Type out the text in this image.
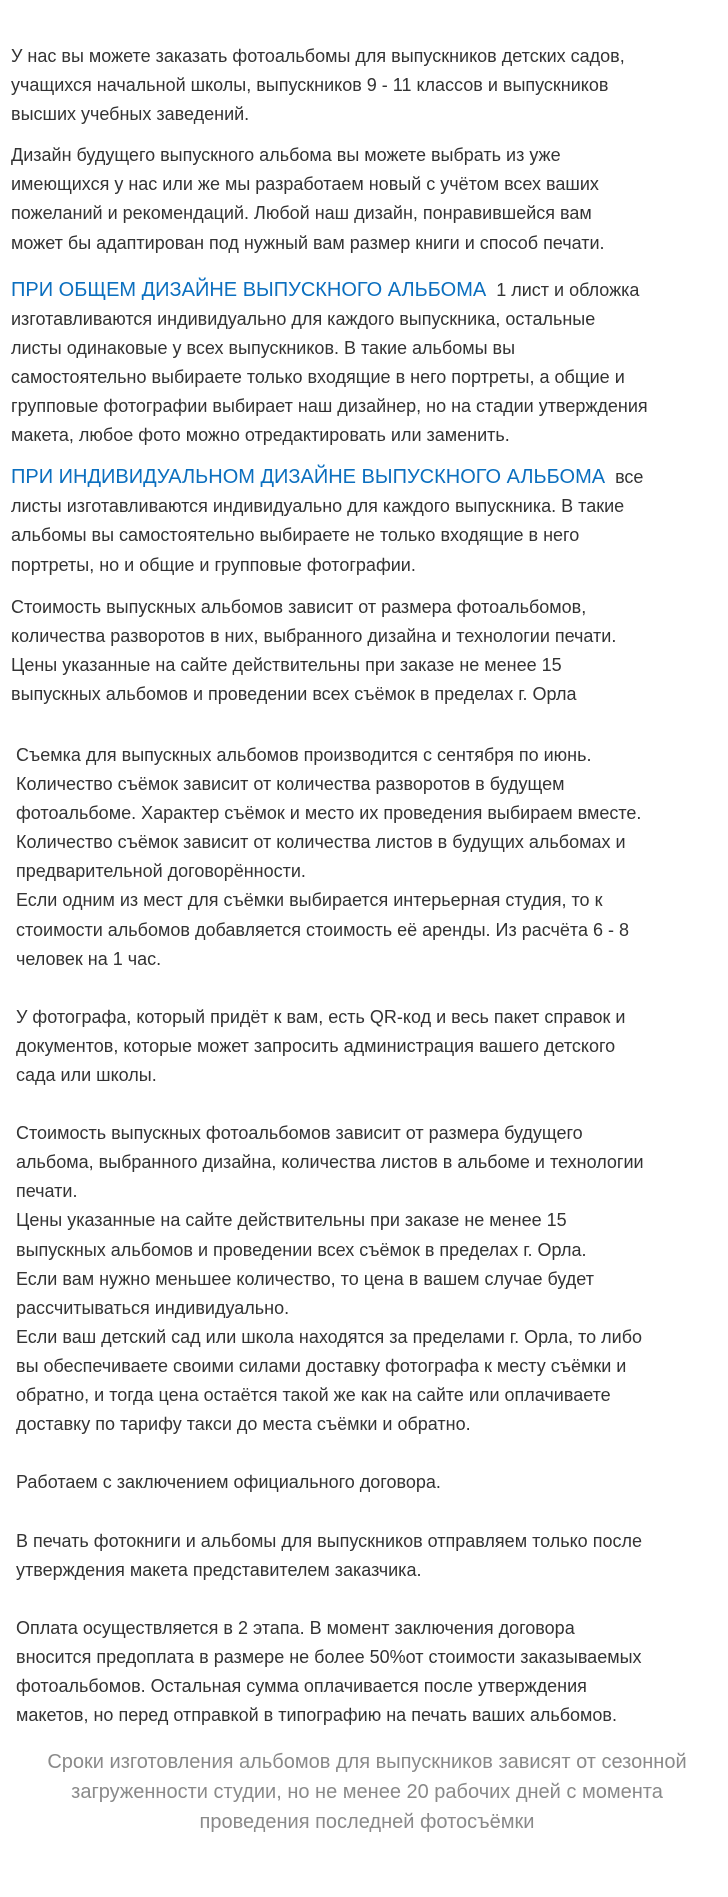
У нас вы можете заказать фотоальбомы для выпускников детских садов,
учащихся начальной школы, выпускников 9 - 11 классов и выпускников
высших учебных заведений.

Дизайн будущего выпускного альбома вы можете выбрать из уже
имеющихся у нас или же мы разработаем новый с учётом всех ваших
пожеланий и рекомендаций. Любой наш дизайн, понравившейся вам
может бы адаптирован под нужный вам размер книги и способ печати.

ПРИ ОБЩЕМ ДИЗАЙНЕ ВЫПУСКНОГО АЛЬБОМА  1 лист и обложка
изготавливаются индивидуально для каждого выпускника, остальные
листы одинаковые у всех выпускников. В такие альбомы вы
самостоятельно выбираете только входящие в него портреты, а общие и
групповые фотографии выбирает наш дизайнер, но на стадии утверждения
макета, любое фото можно отредактировать или заменить.

ПРИ ИНДИВИДУАЛЬНОМ ДИЗАЙНЕ ВЫПУСКНОГО АЛЬБОМА  все
листы изготавливаются индивидуально для каждого выпускника. В такие
альбомы вы самостоятельно выбираете не только входящие в него
портреты, но и общие и групповые фотографии.

Стоимость выпускных альбомов зависит от размера фотоальбомов,
количества разворотов в них, выбранного дизайна и технологии печати.
Цены указанные на сайте действительны при заказе не менее 15
выпускных альбомов и проведении всех съёмок в пределах г. Орла

Съемка для выпускных альбомов производится с сентября по июнь.
Количество съёмок зависит от количества разворотов в будущем
фотоальбоме. Характер съёмок и место их проведения выбираем вместе.
Количество съёмок зависит от количества листов в будущих альбомах и
предварительной договорённости.
Если одним из мест для съёмки выбирается интерьерная студия, то к
стоимости альбомов добавляется стоимость её аренды. Из расчёта 6 - 8
человек на 1 час.
У фотографа, который придёт к вам, есть QR-код и весь пакет справок и
документов, которые может запросить администрация вашего детского
сада или школы.
Стоимость выпускных фотоальбомов зависит от размера будущего
альбома, выбранного дизайна, количества листов в альбоме и технологии
печати.
Цены указанные на сайте действительны при заказе не менее 15
выпускных альбомов и проведении всех съёмок в пределах г. Орла.
Если вам нужно меньшее количество, то цена в вашем случае будет
рассчитываться индивидуально.
Если ваш детский сад или школа находятся за пределами г. Орла, то либо
вы обеспечиваете своими силами доставку фотографа к месту съёмки и
обратно, и тогда цена остаётся такой же как на сайте или оплачиваете
доставку по тарифу такси до места съёмки и обратно.
Работаем с заключением официального договора.
В печать фотокниги и альбомы для выпускников отправляем только после
утверждения макета представителем заказчика.
Оплата осуществляется в 2 этапа. В момент заключения договора
вносится предоплата в размере не более 50%от стоимости заказываемых
фотоальбомов. Остальная сумма оплачивается после утверждения
макетов, но перед отправкой в типографию на печать ваших альбомов.

Сроки изготовления альбомов для выпускников зависят от сезонной
загруженности студии, но не менее 20 рабочих дней с момента
проведения последней фотосъёмки
